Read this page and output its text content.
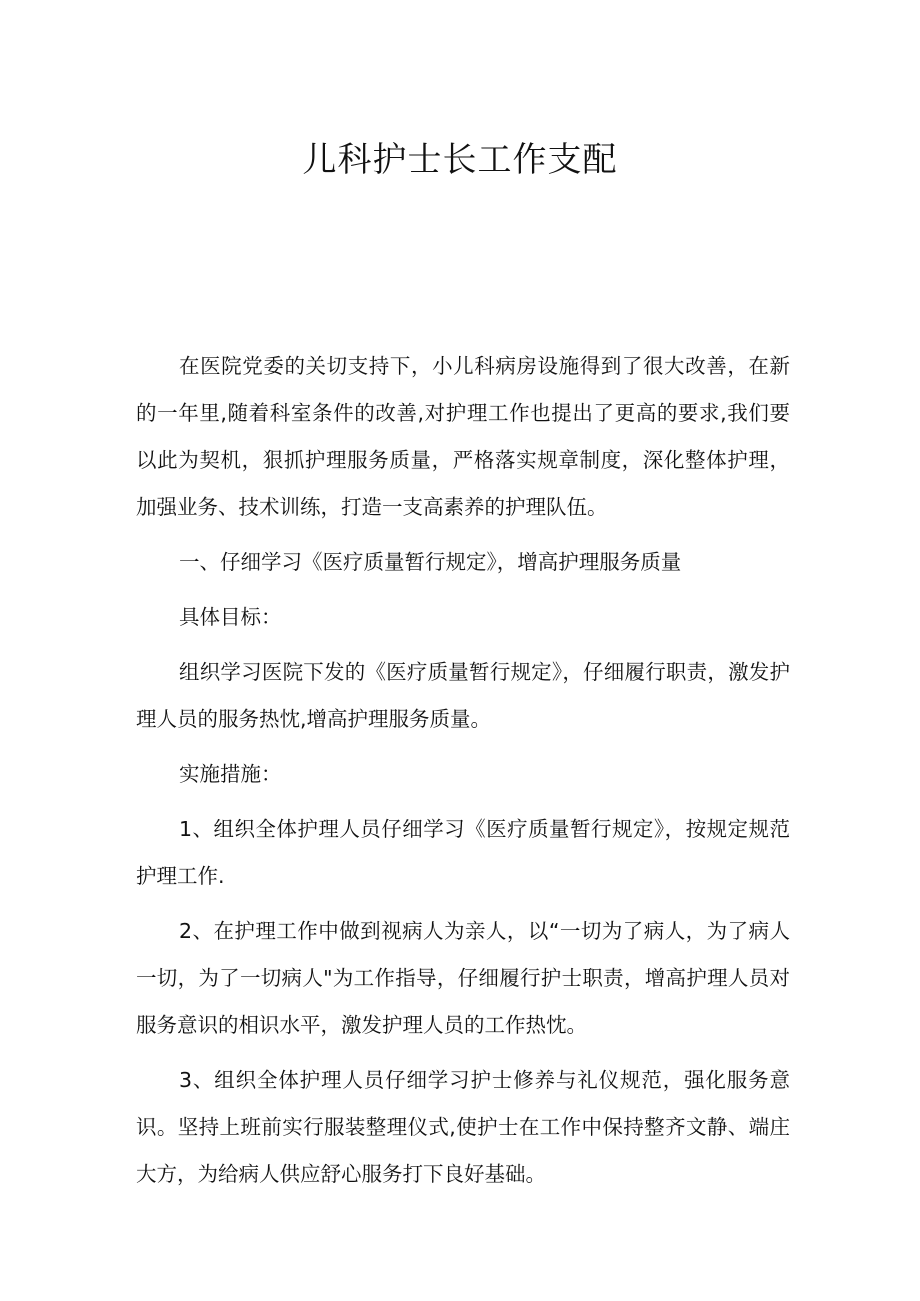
儿科护士长工作支配

在医院党委的关切支持下，小儿科病房设施得到了很大改善，在新的一年里,随着科室条件的改善,对护理工作也提出了更高的要求,我们要以此为契机，狠抓护理服务质量，严格落实规章制度，深化整体护理，加强业务、技术训练，打造一支高素养的护理队伍。

一、仔细学习《医疗质量暂行规定》，增高护理服务质量

具体目标：

组织学习医院下发的《医疗质量暂行规定》，仔细履行职责，激发护理人员的服务热忱,增高护理服务质量。

实施措施：

1、组织全体护理人员仔细学习《医疗质量暂行规定》，按规定规范护理工作.

2、在护理工作中做到视病人为亲人，以“一切为了病人，为了病人一切，为了一切病人"为工作指导，仔细履行护士职责，增高护理人员对服务意识的相识水平，激发护理人员的工作热忱。

3、组织全体护理人员仔细学习护士修养与礼仪规范，强化服务意识。坚持上班前实行服装整理仪式,使护士在工作中保持整齐文静、端庄大方，为给病人供应舒心服务打下良好基础。
